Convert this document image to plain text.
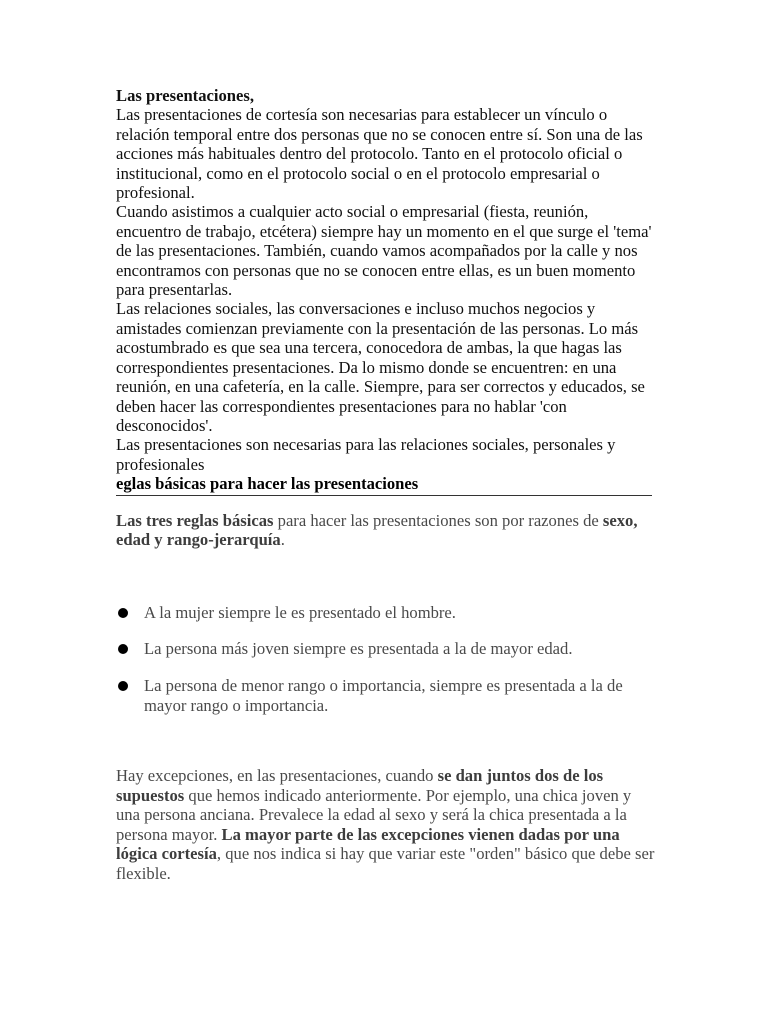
Las presentaciones,

Las presentaciones de cortesía son necesarias para establecer un vínculo o relación temporal entre dos personas que no se conocen entre sí. Son una de las acciones más habituales dentro del protocolo. Tanto en el protocolo oficial o institucional, como en el protocolo social o en el protocolo empresarial o profesional.

Cuando asistimos a cualquier acto social o empresarial (fiesta, reunión, encuentro de trabajo, etcétera) siempre hay un momento en el que surge el 'tema' de las presentaciones. También, cuando vamos acompañados por la calle y nos encontramos con personas que no se conocen entre ellas, es un buen momento para presentarlas.

Las relaciones sociales, las conversaciones e incluso muchos negocios y amistades comienzan previamente con la presentación de las personas. Lo más acostumbrado es que sea una tercera, conocedora de ambas, la que hagas las correspondientes presentaciones. Da lo mismo donde se encuentren: en una reunión, en una cafetería, en la calle. Siempre, para ser correctos y educados, se deben hacer las correspondientes presentaciones para no hablar 'con desconocidos'.

Las presentaciones son necesarias para las relaciones sociales, personales y profesionales

eglas básicas para hacer las presentaciones

Las tres reglas básicas para hacer las presentaciones son por razones de sexo, edad y rango-jerarquía.

A la mujer siempre le es presentado el hombre.
La persona más joven siempre es presentada a la de mayor edad.
La persona de menor rango o importancia, siempre es presentada a la de mayor rango o importancia.

Hay excepciones, en las presentaciones, cuando se dan juntos dos de los supuestos que hemos indicado anteriormente. Por ejemplo, una chica joven y una persona anciana. Prevalece la edad al sexo y será la chica presentada a la persona mayor. La mayor parte de las excepciones vienen dadas por una lógica cortesía, que nos indica si hay que variar este "orden" básico que debe ser flexible.
